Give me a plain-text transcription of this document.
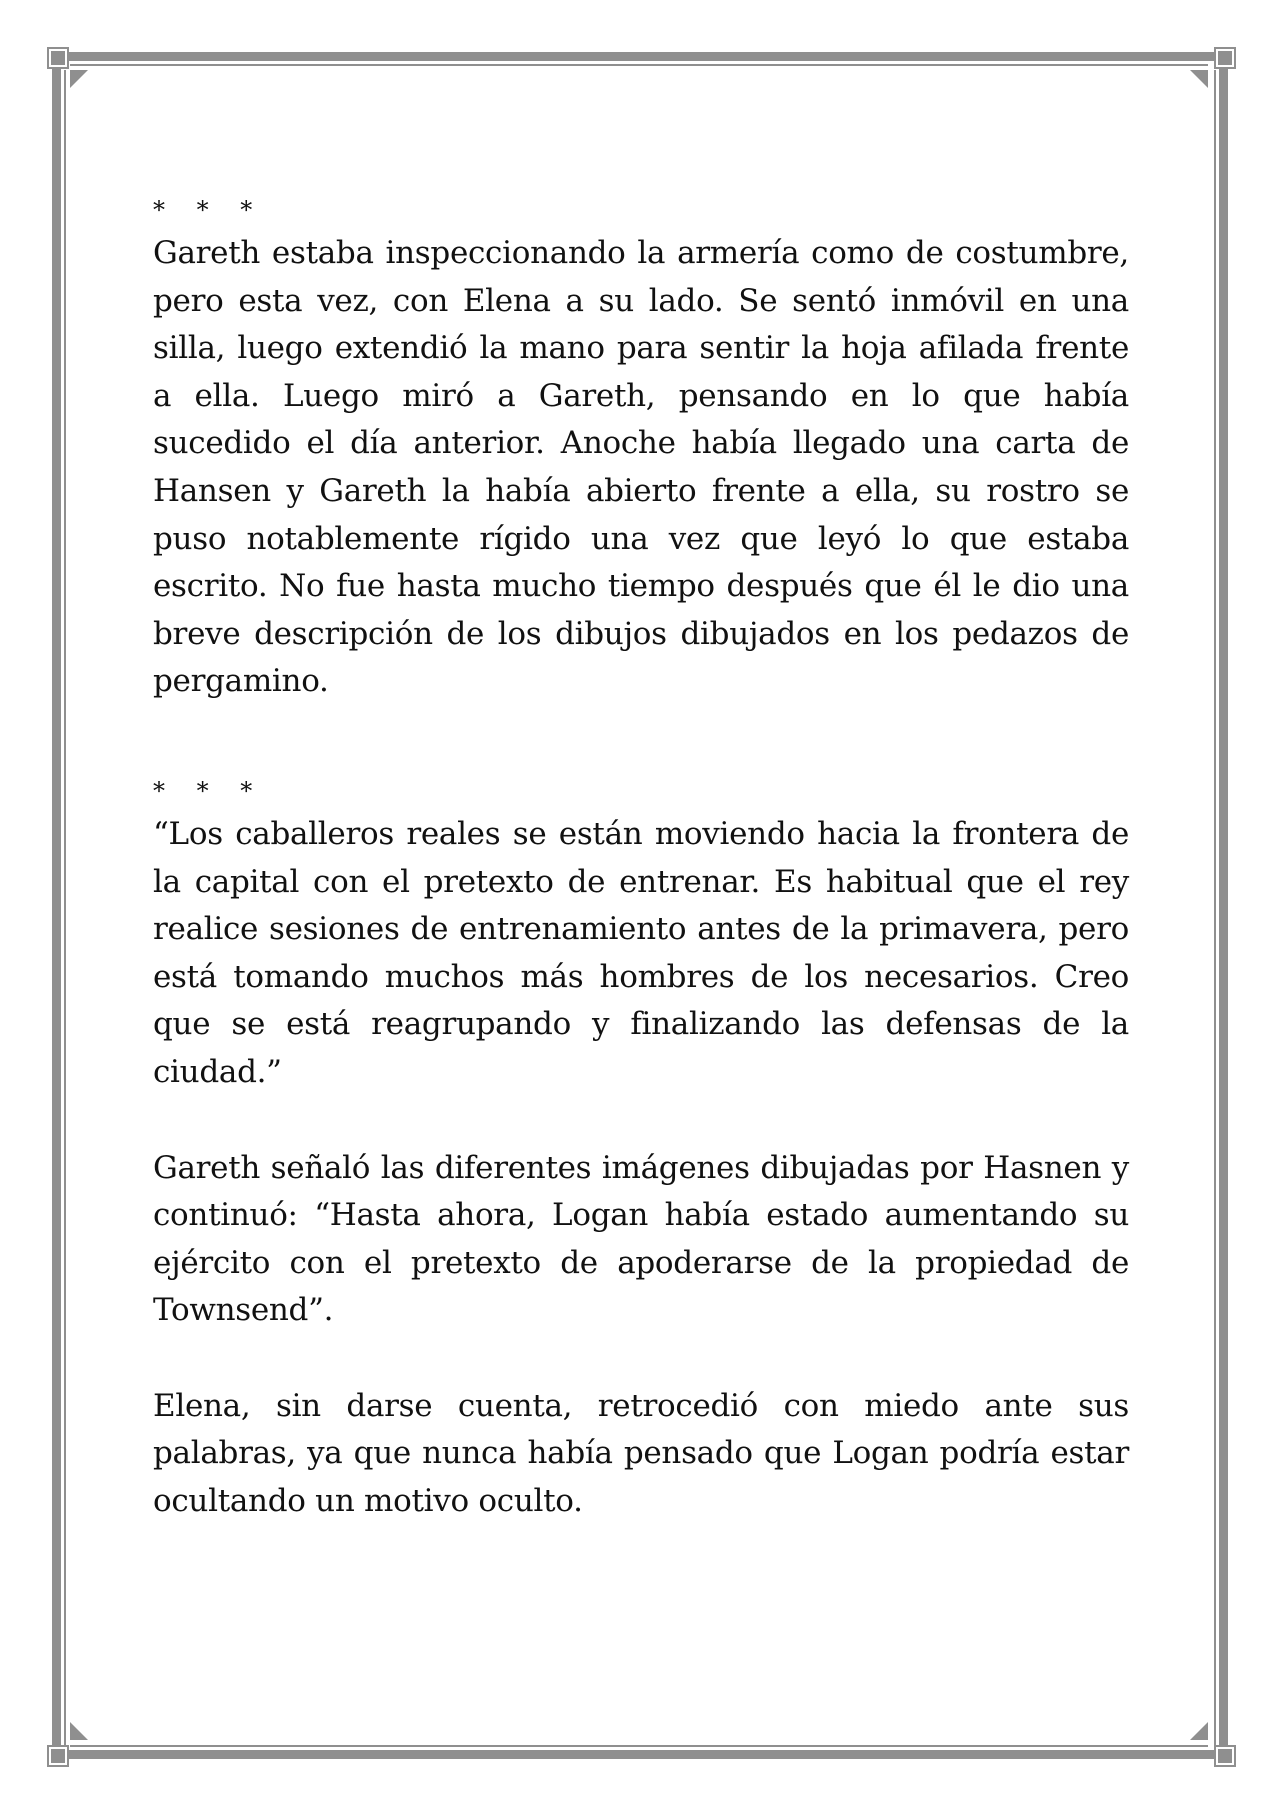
* * *

Gareth estaba inspeccionando la armería como de costumbre, pero esta vez, con Elena a su lado. Se sentó inmóvil en una silla, luego extendió la mano para sentir la hoja afilada frente a ella. Luego miró a Gareth, pensando en lo que había sucedido el día anterior. Anoche había llegado una carta de Hansen y Gareth la había abierto frente a ella, su rostro se puso notablemente rígido una vez que leyó lo que estaba escrito. No fue hasta mucho tiempo después que él le dio una breve descripción de los dibujos dibujados en los pedazos de pergamino.

* * *

“Los caballeros reales se están moviendo hacia la frontera de la capital con el pretexto de entrenar. Es habitual que el rey realice sesiones de entrenamiento antes de la primavera, pero está tomando muchos más hombres de los necesarios. Creo que se está reagrupando y finalizando las defensas de la ciudad.”

Gareth señaló las diferentes imágenes dibujadas por Hasnen y continuó: “Hasta ahora, Logan había estado aumentando su ejército con el pretexto de apoderarse de la propiedad de Townsend”.

Elena, sin darse cuenta, retrocedió con miedo ante sus palabras, ya que nunca había pensado que Logan podría estar ocultando un motivo oculto.
